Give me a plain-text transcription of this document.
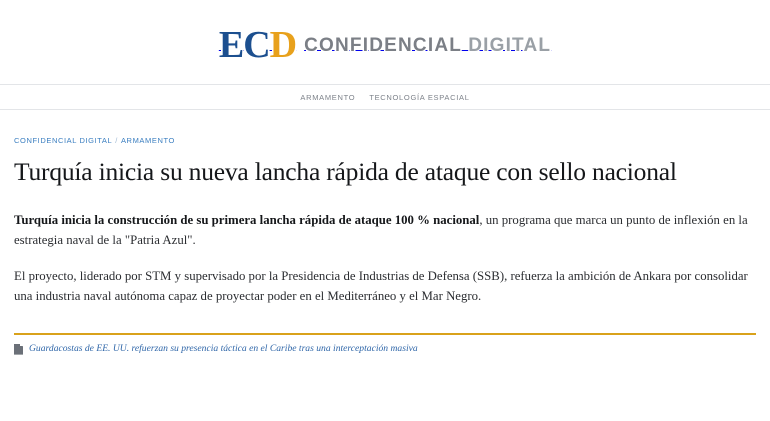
ECD CONFIDENCIAL DIGITAL
ARMAMENTO TECNOLOGÍA ESPACIAL
CONFIDENCIAL DIGITAL / ARMAMENTO
Turquía inicia su nueva lancha rápida de ataque con sello nacional

Turquía inicia la construcción de su primera lancha rápida de ataque 100 % nacional, un programa que marca un punto de inflexión en la estrategia naval de la "Patria Azul".

El proyecto, liderado por STM y supervisado por la Presidencia de Industrias de Defensa (SSB), refuerza la ambición de Ankara por consolidar una industria naval autónoma capaz de proyectar poder en el Mediterráneo y el Mar Negro.

Guardacostas de EE. UU. refuerzan su presencia táctica en el Caribe tras una interceptación masiva
